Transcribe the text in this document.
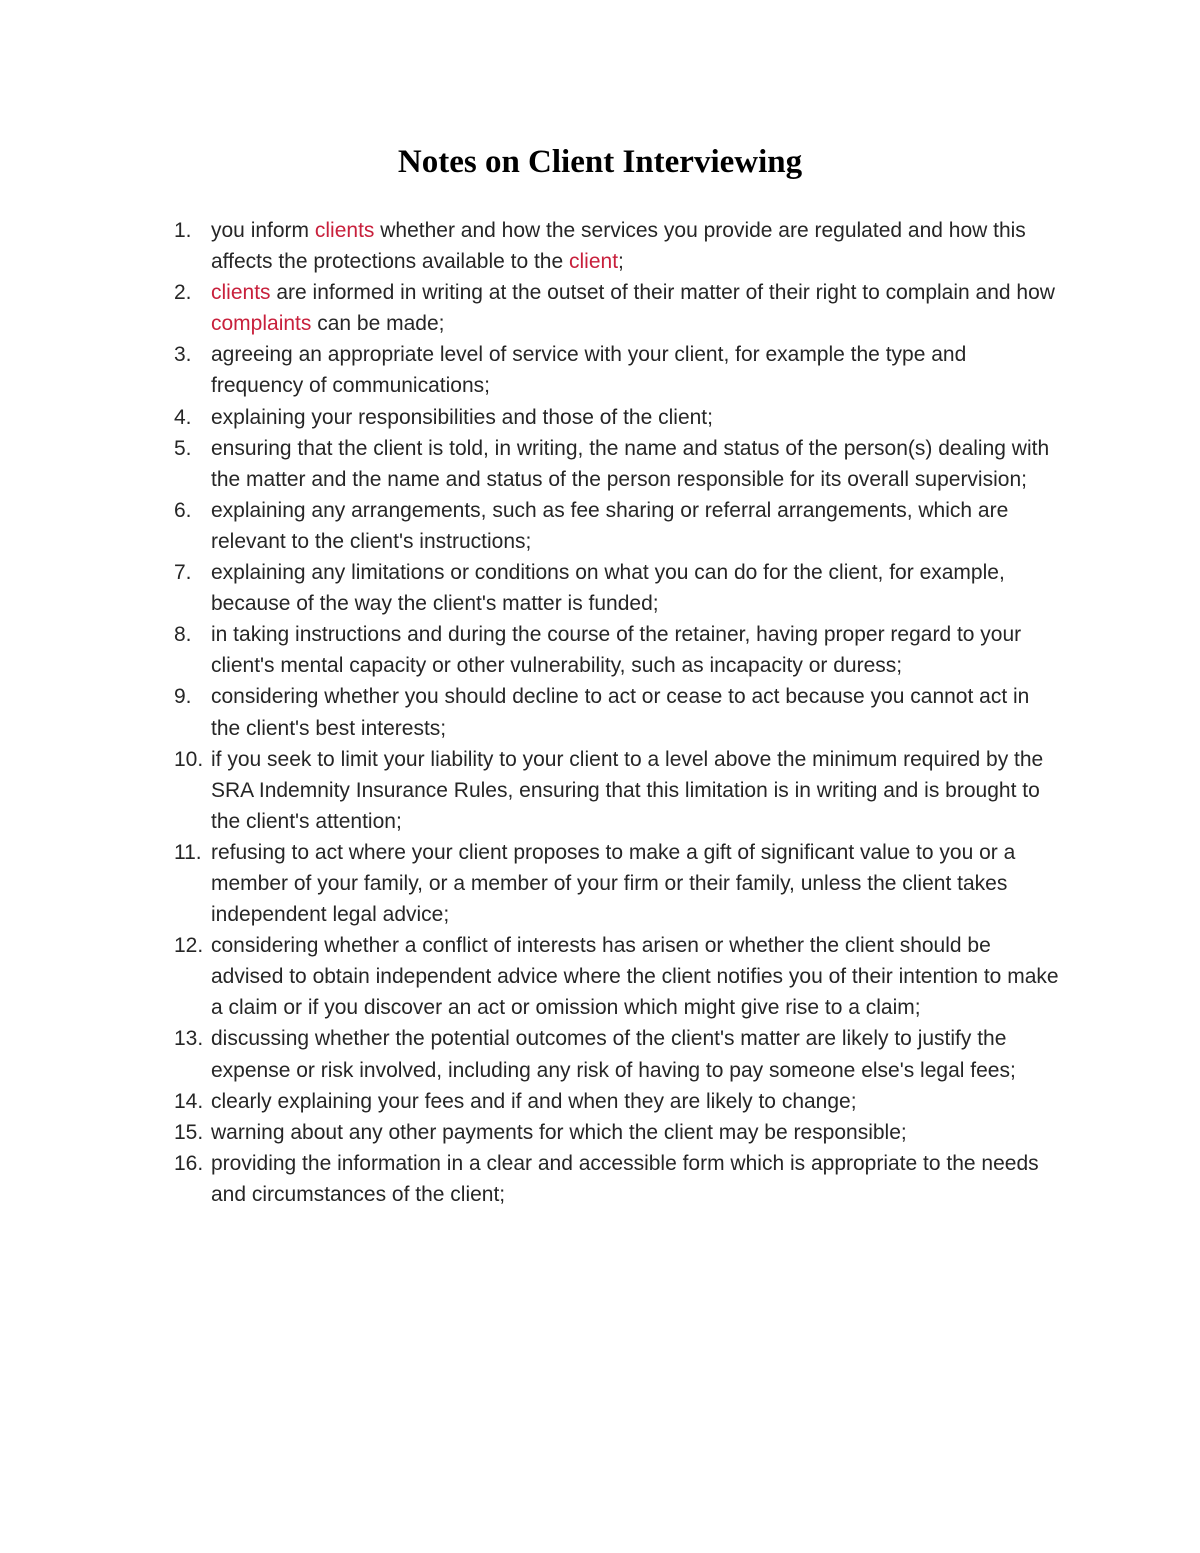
Notes on Client Interviewing
1. you inform clients whether and how the services you provide are regulated and how this affects the protections available to the client;
2. clients are informed in writing at the outset of their matter of their right to complain and how complaints can be made;
3. agreeing an appropriate level of service with your client, for example the type and frequency of communications;
4. explaining your responsibilities and those of the client;
5. ensuring that the client is told, in writing, the name and status of the person(s) dealing with the matter and the name and status of the person responsible for its overall supervision;
6. explaining any arrangements, such as fee sharing or referral arrangements, which are relevant to the client's instructions;
7. explaining any limitations or conditions on what you can do for the client, for example, because of the way the client's matter is funded;
8. in taking instructions and during the course of the retainer, having proper regard to your client's mental capacity or other vulnerability, such as incapacity or duress;
9. considering whether you should decline to act or cease to act because you cannot act in the client's best interests;
10. if you seek to limit your liability to your client to a level above the minimum required by the SRA Indemnity Insurance Rules, ensuring that this limitation is in writing and is brought to the client's attention;
11. refusing to act where your client proposes to make a gift of significant value to you or a member of your family, or a member of your firm or their family, unless the client takes independent legal advice;
12. considering whether a conflict of interests has arisen or whether the client should be advised to obtain independent advice where the client notifies you of their intention to make a claim or if you discover an act or omission which might give rise to a claim;
13. discussing whether the potential outcomes of the client's matter are likely to justify the expense or risk involved, including any risk of having to pay someone else's legal fees;
14. clearly explaining your fees and if and when they are likely to change;
15. warning about any other payments for which the client may be responsible;
16. providing the information in a clear and accessible form which is appropriate to the needs and circumstances of the client;
